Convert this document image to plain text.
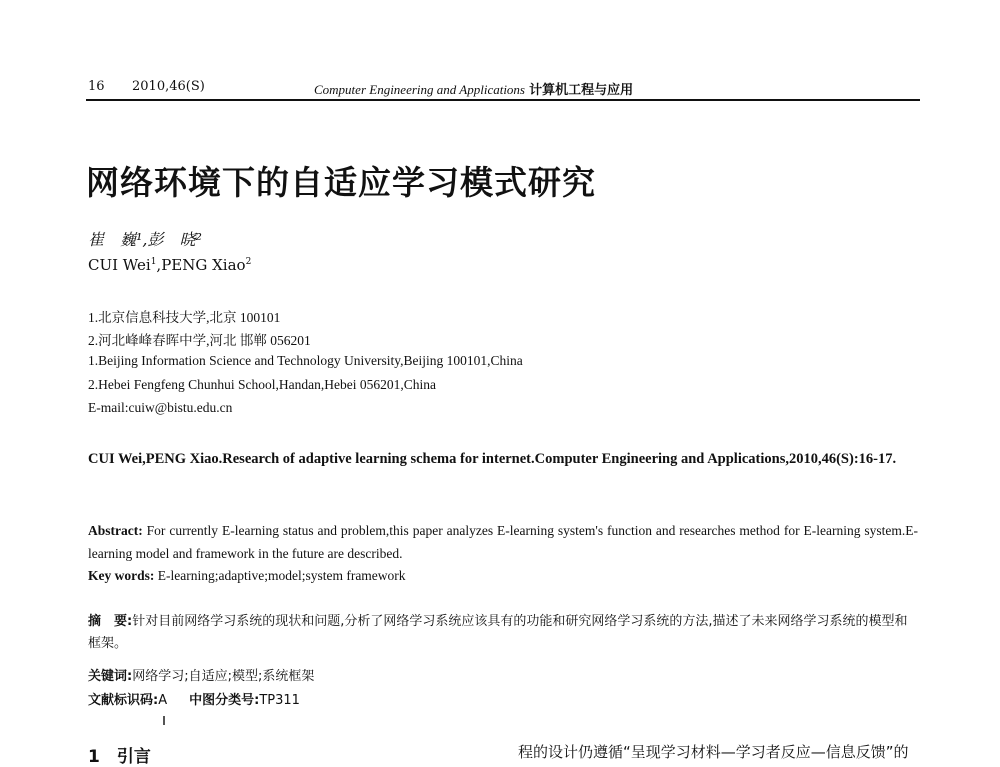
16 2010,46(S)	Computer Engineering and Applications 计算机工程与应用
网络环境下的自适应学习模式研究
崔　巍¹,彭　晓²
CUI Wei$^1$,PENG Xiao$^2$
1.北京信息科技大学,北京 100101
2.河北峰峰春晖中学,河北 邯郸 056201
1.Beijing Information Science and Technology University,Beijing 100101,China
2.Hebei Fengfeng Chunhui School,Handan,Hebei 056201,China
E-mail:cuiw@bistu.edu.cn
CUI Wei,PENG Xiao.Research of adaptive learning schema for internet.Computer Engineering and Applications,2010,46(S):16-17.
Abstract: For currently E-learning status and problem,this paper analyzes E-learning system's function and researches method for E-learning system.E-learning model and framework in the future are described.
Key words: E-learning;adaptive;model;system framework
摘　要:针对目前网络学习系统的现状和问题,分析了网络学习系统应该具有的功能和研究网络学习系统的方法,描述了未来网络学习系统的模型和框架。
关键词:网络学习;自适应;模型;系统框架
文献标识码:A 中图分类号:TP311
1　引言	程的设计仍遵循“呈现学习材料—学习者反应—信息反馈”的
